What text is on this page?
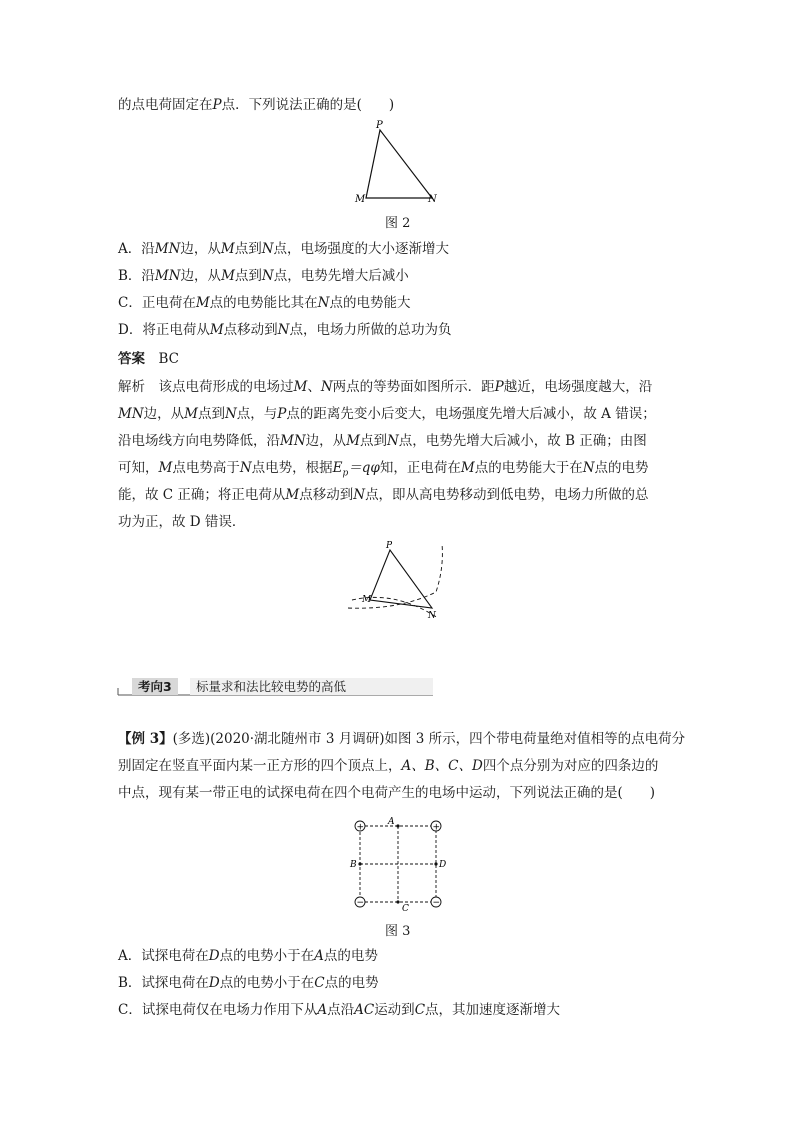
的点电荷固定在P点．下列说法正确的是(　　)
P
M	N
图 2
A．沿MN边，从M点到N点，电场强度的大小逐渐增大
B．沿MN边，从M点到N点，电势先增大后减小
C．正电荷在M点的电势能比其在N点的电势能大
D．将正电荷从M点移动到N点，电场力所做的总功为负
答案　 BC
解析　该点电荷形成的电场过M、N两点的等势面如图所示．距P越近，电场强度越大，沿
MN边，从M点到N点，与P点的距离先变小后变大，电场强度先增大后减小，故 A 错误；
沿电场线方向电势降低，沿MN边，从M点到N点，电势先增大后减小，故 B 正确；由图
可知，M点电势高于N点电势，根据$E_p=q\varphi$知，正电荷在M点的电势能大于在N点的电势
能，故 C 正确；将正电荷从M点移动到N点，即从高电势移动到低电势，电场力所做的总
功为正，故 D 错误．
P
M
N
考向3	标量求和法比较电势的高低
【例 3】(多选)(2020·湖北随州市 3 月调研)如图 3 所示，四个带电荷量绝对值相等的点电荷分
别固定在竖直平面内某一正方形的四个顶点上，A、B、C、D四个点分别为对应的四条边的
中点，现有某一带正电的试探电荷在四个电荷产生的电场中运动，下列说法正确的是(　　)
+	+
−	−
A
B
C
D
图 3
A．试探电荷在D点的电势小于在A点的电势
B．试探电荷在D点的电势小于在C点的电势
C．试探电荷仅在电场力作用下从A点沿AC运动到C点，其加速度逐渐增大
